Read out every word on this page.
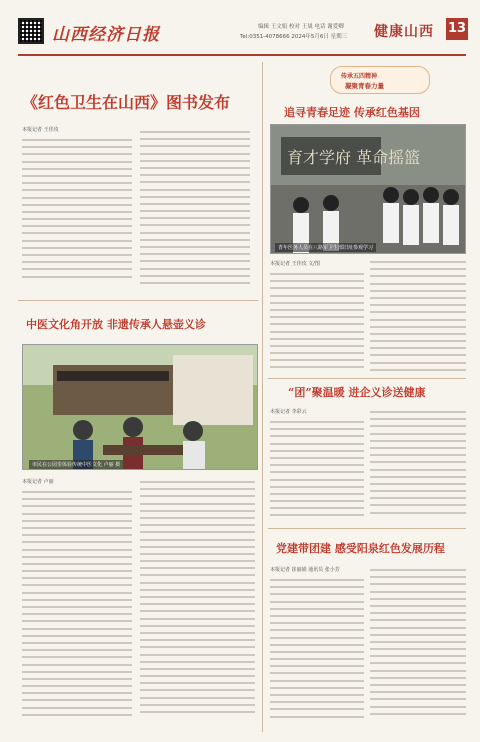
山西经济日报	编辑 王文娟 校对 王晟 电话 谢爱卿
Tel:0351-4078666 2024年5月6日 星期三 健康山西 13
《红色卫生在山西》图书发布
本报记者 王佳玫
中医文化角开放 非遗传承人悬壶义诊
市民在公园里体验传统中医文化 卢丽 摄
本报记者 卢丽
传承五四精神
凝聚青春力量
追寻青春足迹 传承红色基因
育才学府 革命摇篮
青年医务人员在八路军卫生部旧址参观学习
本报记者 王佳玫 文/图
“团”聚温暖 进企义诊送健康
本报记者 李彩云
党建带团建 感受阳泉红色发展历程
本报记者 崔丽娟 通讯员 张小芳
